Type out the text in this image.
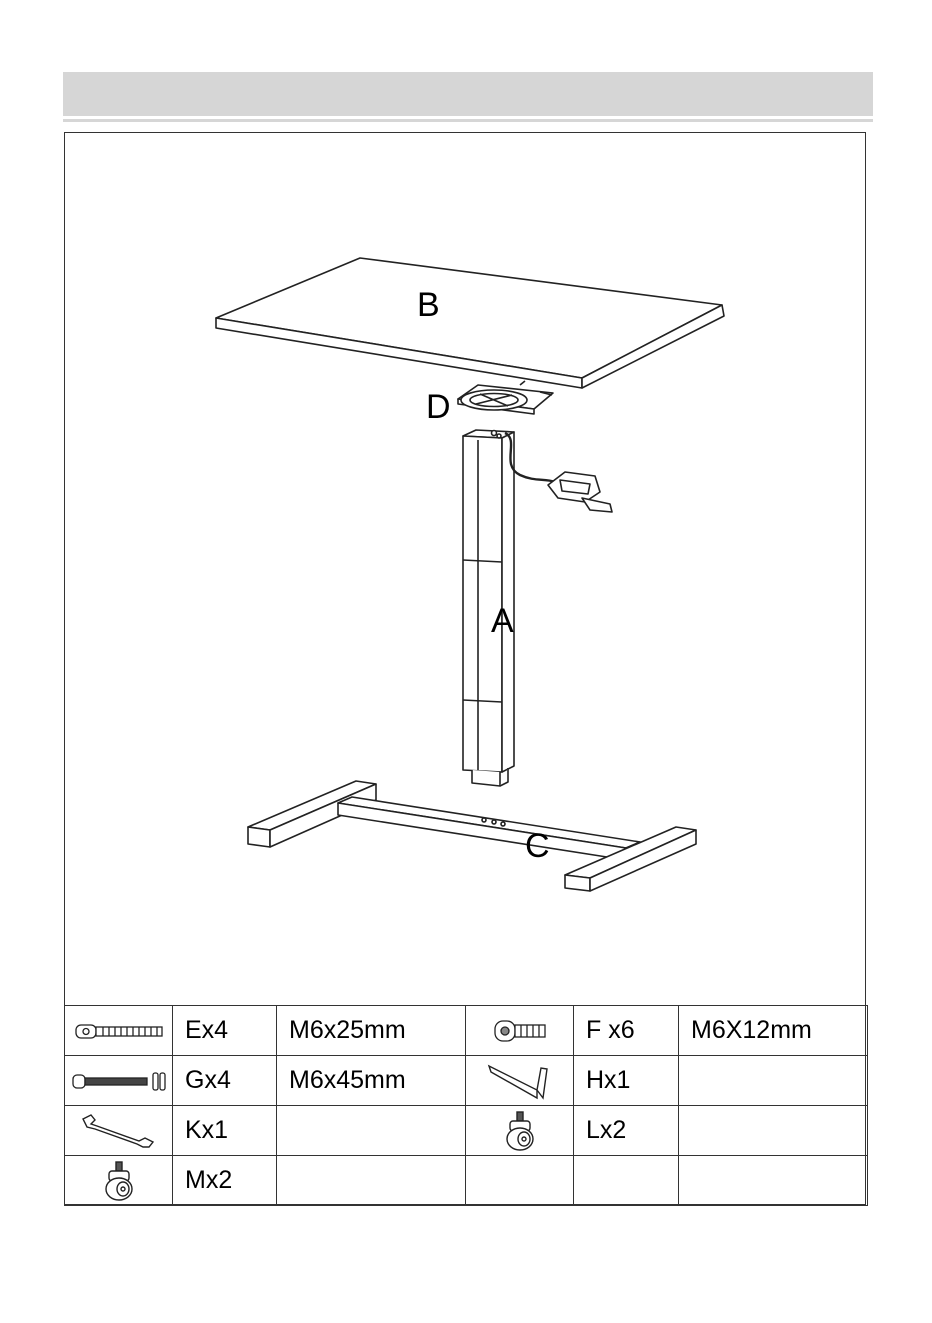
B
D
A
C
	Ex4	M6x25mm		F x6	M6X12mm

	Gx4	M6x45mm		Hx1	

	Kx1			Lx2	

	Mx2				
